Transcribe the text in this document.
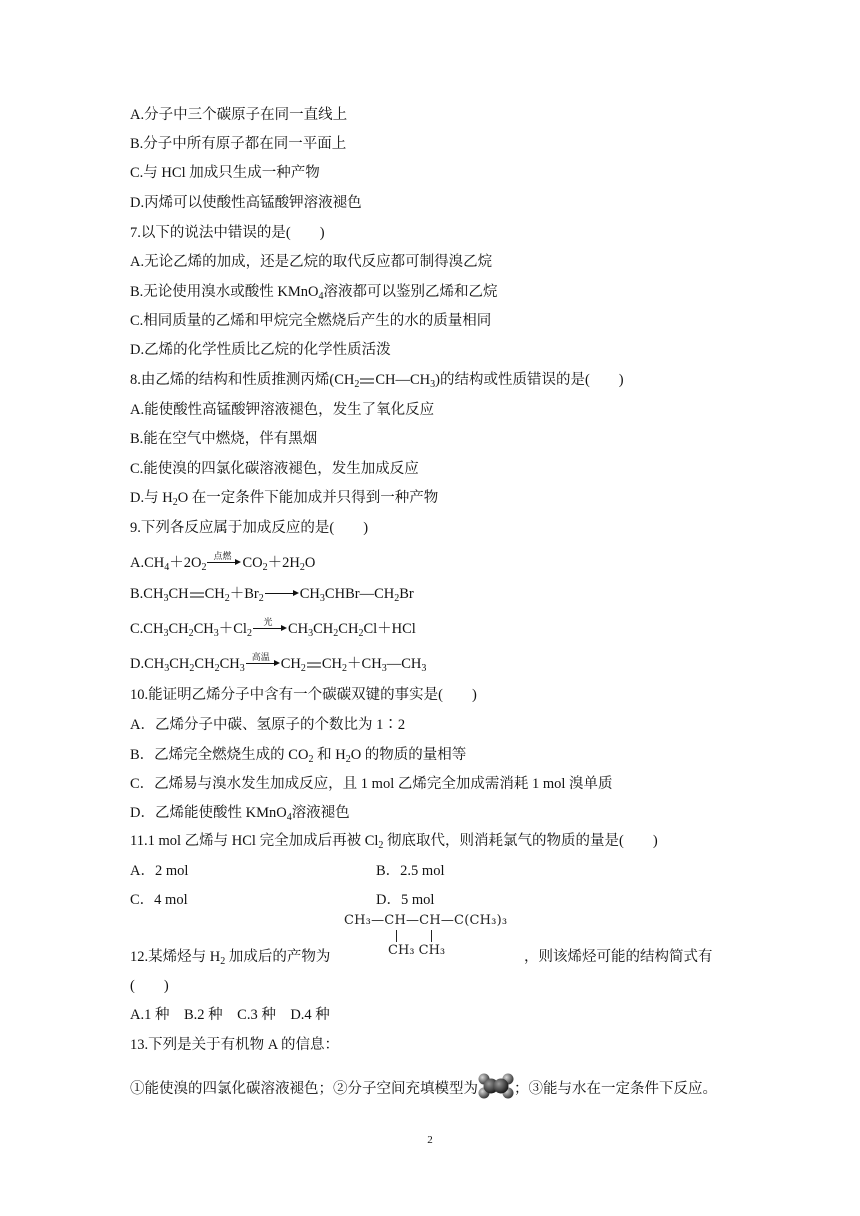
A.分子中三个碳原子在同一直线上
B.分子中所有原子都在同一平面上
C.与 HCl 加成只生成一种产物
D.丙烯可以使酸性高锰酸钾溶液褪色
7.以下的说法中错误的是(　　)
A.无论乙烯的加成，还是乙烷的取代反应都可制得溴乙烷
B.无论使用溴水或酸性 KMnO$_4$溶液都可以鉴别乙烯和乙烷
C.相同质量的乙烯和甲烷完全燃烧后产生的水的质量相同
D.乙烯的化学性质比乙烷的化学性质活泼
8.由乙烯的结构和性质推测丙烯($CH_2$ $CH—CH_3$)的结构或性质错误的是(　　)
A.能使酸性高锰酸钾溶液褪色，发生了氧化反应
B.能在空气中燃烧，伴有黑烟
C.能使溴的四氯化碳溶液褪色，发生加成反应
D.与 $H_2O$ 在一定条件下能加成并只得到一种产物
9.下列各反应属于加成反应的是(　　)
$A.CH_4+2O_2$
点燃 $CO_2+2H_2O$
$B.CH_3CH$ $CH_2+Br_2$ $CH_3CHBr—CH_2Br$
$C.CH_3CH_2CH_3+Cl_2$
光	$CH_3CH_2CH_2Cl+HCl$
$D.CH_3CH_2CH_2CH_3$
高温 $CH_2$ $CH_2+CH_3—CH_3$
10.能证明乙烯分子中含有一个碳碳双键的事实是(　　)
A．乙烯分子中碳、氢原子的个数比为 1∶2
B．乙烯完全燃烧生成的 $CO_2$ 和 $H_2O$ 的物质的量相等
C．乙烯易与溴水发生加成反应，且 1 mol 乙烯完全加成需消耗 1 mol 溴单质
D．乙烯能使酸性 KMnO$_4$溶液褪色
11.1 mol 乙烯与 HCl 完全加成后再被 $Cl_2$ 彻底取代，则消耗氯气的物质的量是(　　)
A．2 mol	B．2.5 mol
C．4 mol	D．5 mol
CH₃—CH—CH—C(CH₃)₃
CH₃ CH₃
12.某烯烃与 $H_2$ 加成后的产物为	，则该烯烃可能的结构简式有
(　　)
A.1 种　B.2 种　C.3 种　D.4 种
13.下列是关于有机物 A 的信息：
①能使溴的四氯化碳溶液褪色；②分子空间充填模型为 ；③能与水在一定条件下反应。
2
